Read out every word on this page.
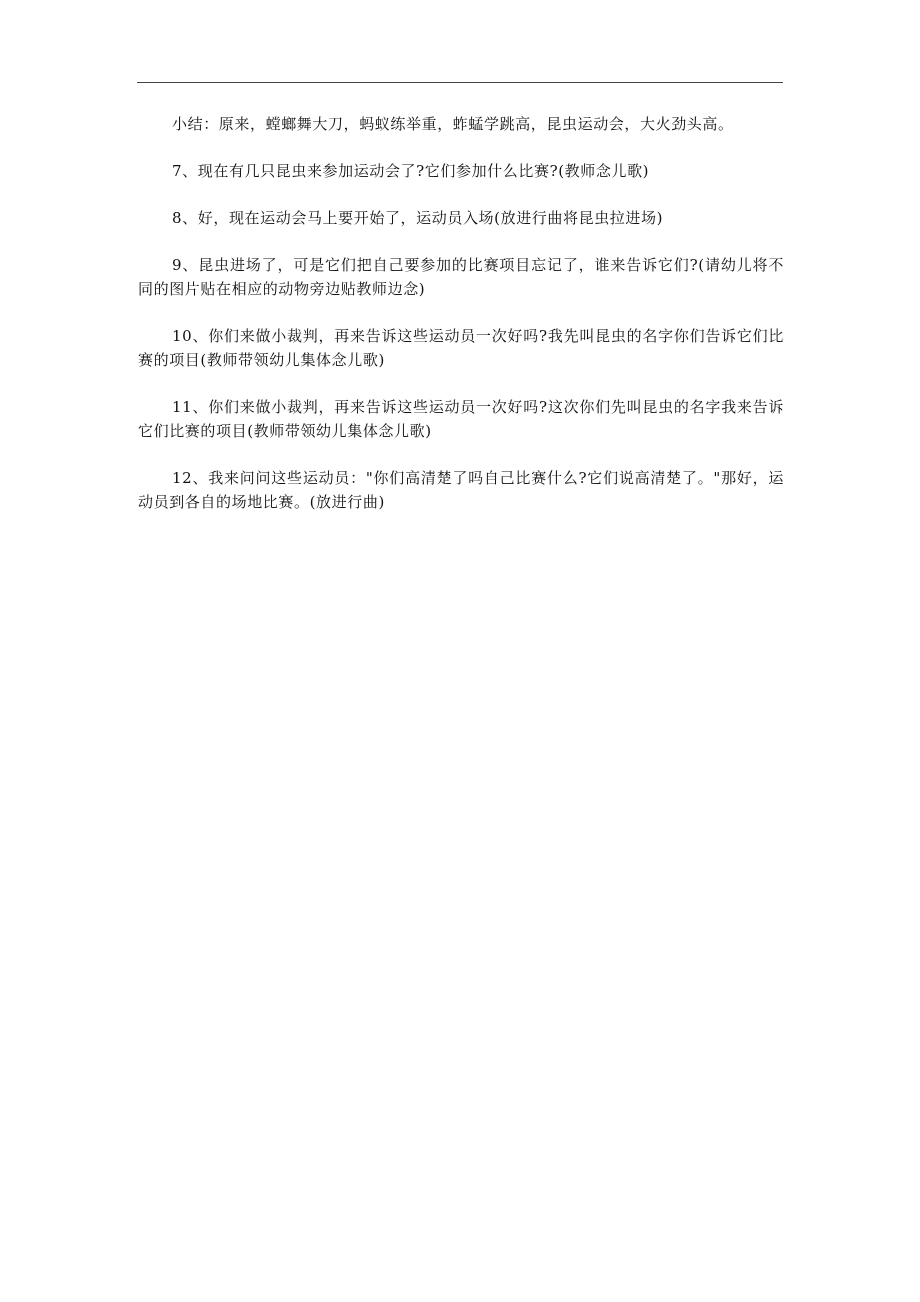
小结：原来，螳螂舞大刀，蚂蚁练举重，蚱蜢学跳高，昆虫运动会，大火劲头高。

7、现在有几只昆虫来参加运动会了?它们参加什么比赛?(教师念儿歌)

8、好，现在运动会马上要开始了，运动员入场(放进行曲将昆虫拉进场)

9、昆虫进场了，可是它们把自己要参加的比赛项目忘记了，谁来告诉它们?(请幼儿将不同的图片贴在相应的动物旁边贴教师边念)

10、你们来做小裁判，再来告诉这些运动员一次好吗?我先叫昆虫的名字你们告诉它们比赛的项目(教师带领幼儿集体念儿歌)

11、你们来做小裁判，再来告诉这些运动员一次好吗?这次你们先叫昆虫的名字我来告诉它们比赛的项目(教师带领幼儿集体念儿歌)

12、我来问问这些运动员："你们高清楚了吗自己比赛什么?它们说高清楚了。"那好，运动员到各自的场地比赛。(放进行曲)
